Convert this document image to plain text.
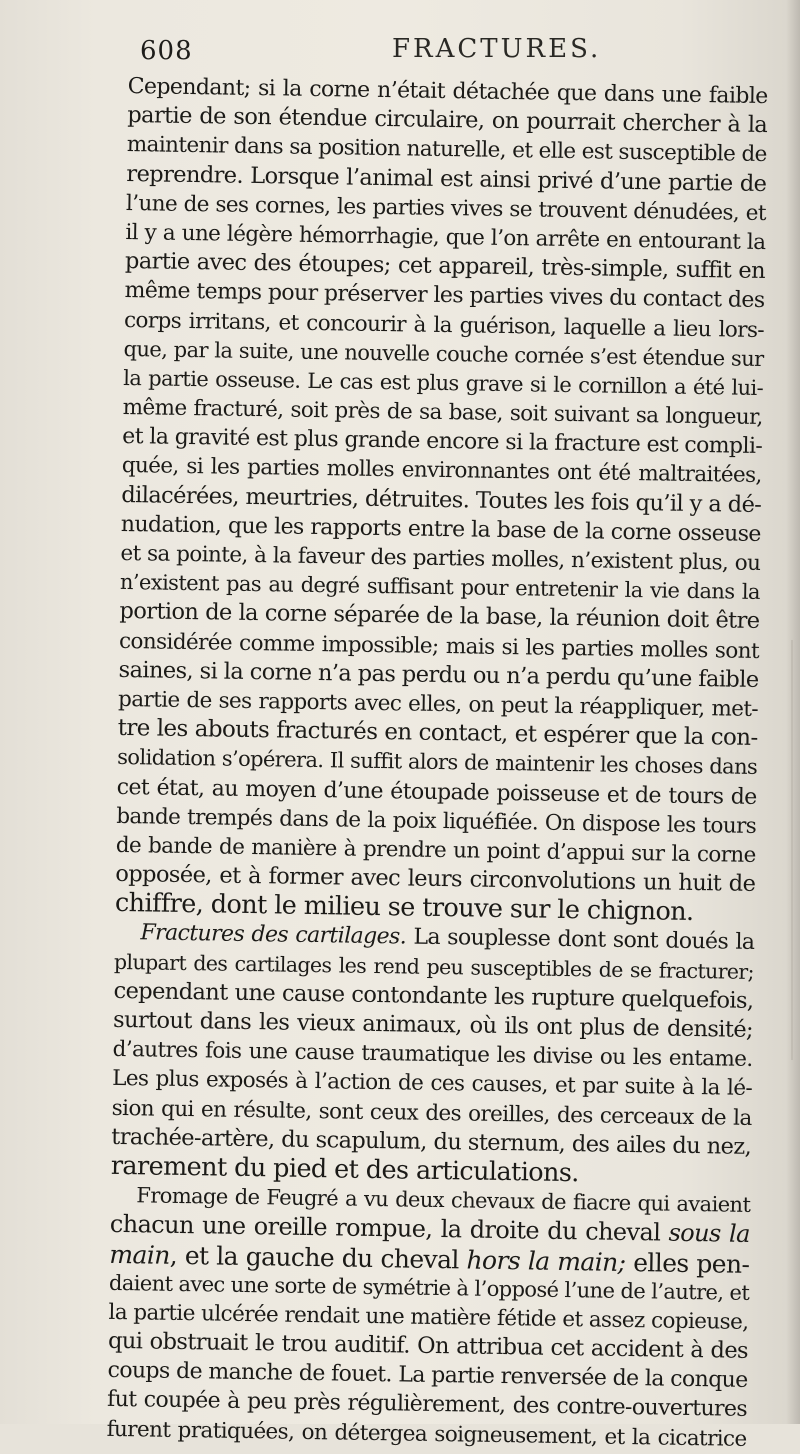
608	FRACTURES.
Cependant; si la corne n’était détachée que dans une faible
partie de son étendue circulaire, on pourrait chercher à la
maintenir dans sa position naturelle, et elle est susceptible de
reprendre. Lorsque l’animal est ainsi privé d’une partie de
l’une de ses cornes, les parties vives se trouvent dénudées, et
il y a une légère hémorrhagie, que l’on arrête en entourant la
partie avec des étoupes; cet appareil, très-simple, suffit en
même temps pour préserver les parties vives du contact des
corps irritans, et concourir à la guérison, laquelle a lieu lors-
que, par la suite, une nouvelle couche cornée s’est étendue sur
la partie osseuse. Le cas est plus grave si le cornillon a été lui-
même fracturé, soit près de sa base, soit suivant sa longueur,
et la gravité est plus grande encore si la fracture est compli-
quée, si les parties molles environnantes ont été maltraitées,
dilacérées, meurtries, détruites. Toutes les fois qu’il y a dé-
nudation, que les rapports entre la base de la corne osseuse
et sa pointe, à la faveur des parties molles, n’existent plus, ou
n’existent pas au degré suffisant pour entretenir la vie dans la
portion de la corne séparée de la base, la réunion doit être
considérée comme impossible; mais si les parties molles sont
saines, si la corne n’a pas perdu ou n’a perdu qu’une faible
partie de ses rapports avec elles, on peut la réappliquer, met-
tre les abouts fracturés en contact, et espérer que la con-
solidation s’opérera. Il suffit alors de maintenir les choses dans
cet état, au moyen d’une étoupade poisseuse et de tours de
bande trempés dans de la poix liquéfiée. On dispose les tours
de bande de manière à prendre un point d’appui sur la corne
opposée, et à former avec leurs circonvolutions un huit de
chiffre, dont le milieu se trouve sur le chignon.
Fractures des cartilages. La souplesse dont sont doués la
plupart des cartilages les rend peu susceptibles de se fracturer;
cependant une cause contondante les rupture quelquefois,
surtout dans les vieux animaux, où ils ont plus de densité;
d’autres fois une cause traumatique les divise ou les entame.
Les plus exposés à l’action de ces causes, et par suite à la lé-
sion qui en résulte, sont ceux des oreilles, des cerceaux de la
trachée-artère, du scapulum, du sternum, des ailes du nez,
rarement du pied et des articulations.
Fromage de Feugré a vu deux chevaux de fiacre qui avaient
chacun une oreille rompue, la droite du cheval sous la
main, et la gauche du cheval hors la main; elles pen-
daient avec une sorte de symétrie à l’opposé l’une de l’autre, et
la partie ulcérée rendait une matière fétide et assez copieuse,
qui obstruait le trou auditif. On attribua cet accident à des
coups de manche de fouet. La partie renversée de la conque
fut coupée à peu près régulièrement, des contre-ouvertures
furent pratiquées, on détergea soigneusement, et la cicatrice
